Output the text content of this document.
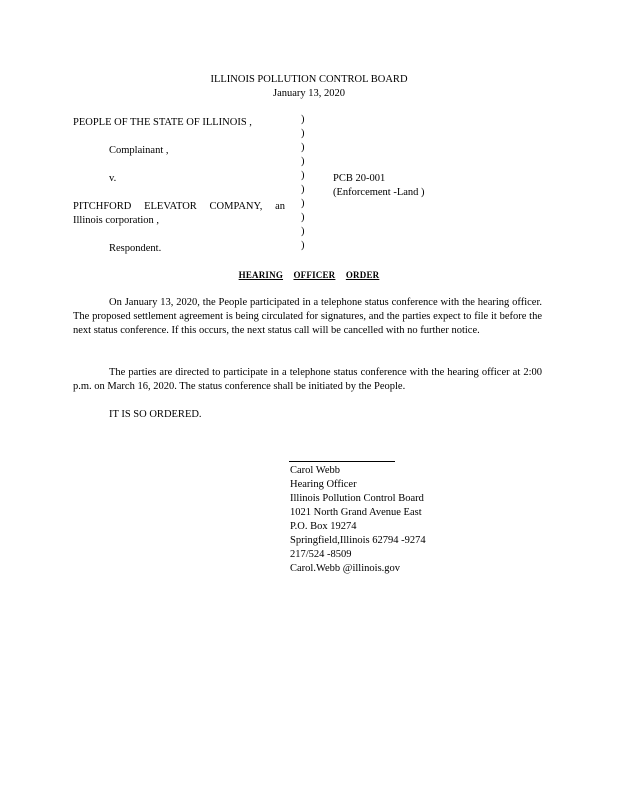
ILLINOIS POLLUTION CONTROL BOARD
January 13, 2020
PEOPLE OF THE STATE OF ILLINOIS ,
Complainant ,
v.
PITCHFORD ELEVATOR COMPANY, an
Illinois corporation ,
Respondent.
)
)
)
)
)
)
)
)
)
)
PCB 20-001
(Enforcement -Land )
HEARING OFFICER ORDER
On January 13, 2020, the People participated in a telephone status conference with the hearing officer. The proposed settlement agreement is being circulated for signatures, and the parties expect to file it before the next status conference. If this occurs, the next status call will be cancelled with no further notice.
The parties are directed to participate in a telephone status conference with the hearing officer at 2:00 p.m. on March 16, 2020. The status conference shall be initiated by the People.
IT IS SO ORDERED.
Carol Webb
Hearing Officer
Illinois Pollution Control Board
1021 North Grand Avenue East
P.O. Box 19274
Springfield,Illinois 62794 -9274
217/524 -8509
Carol.Webb @illinois.gov
